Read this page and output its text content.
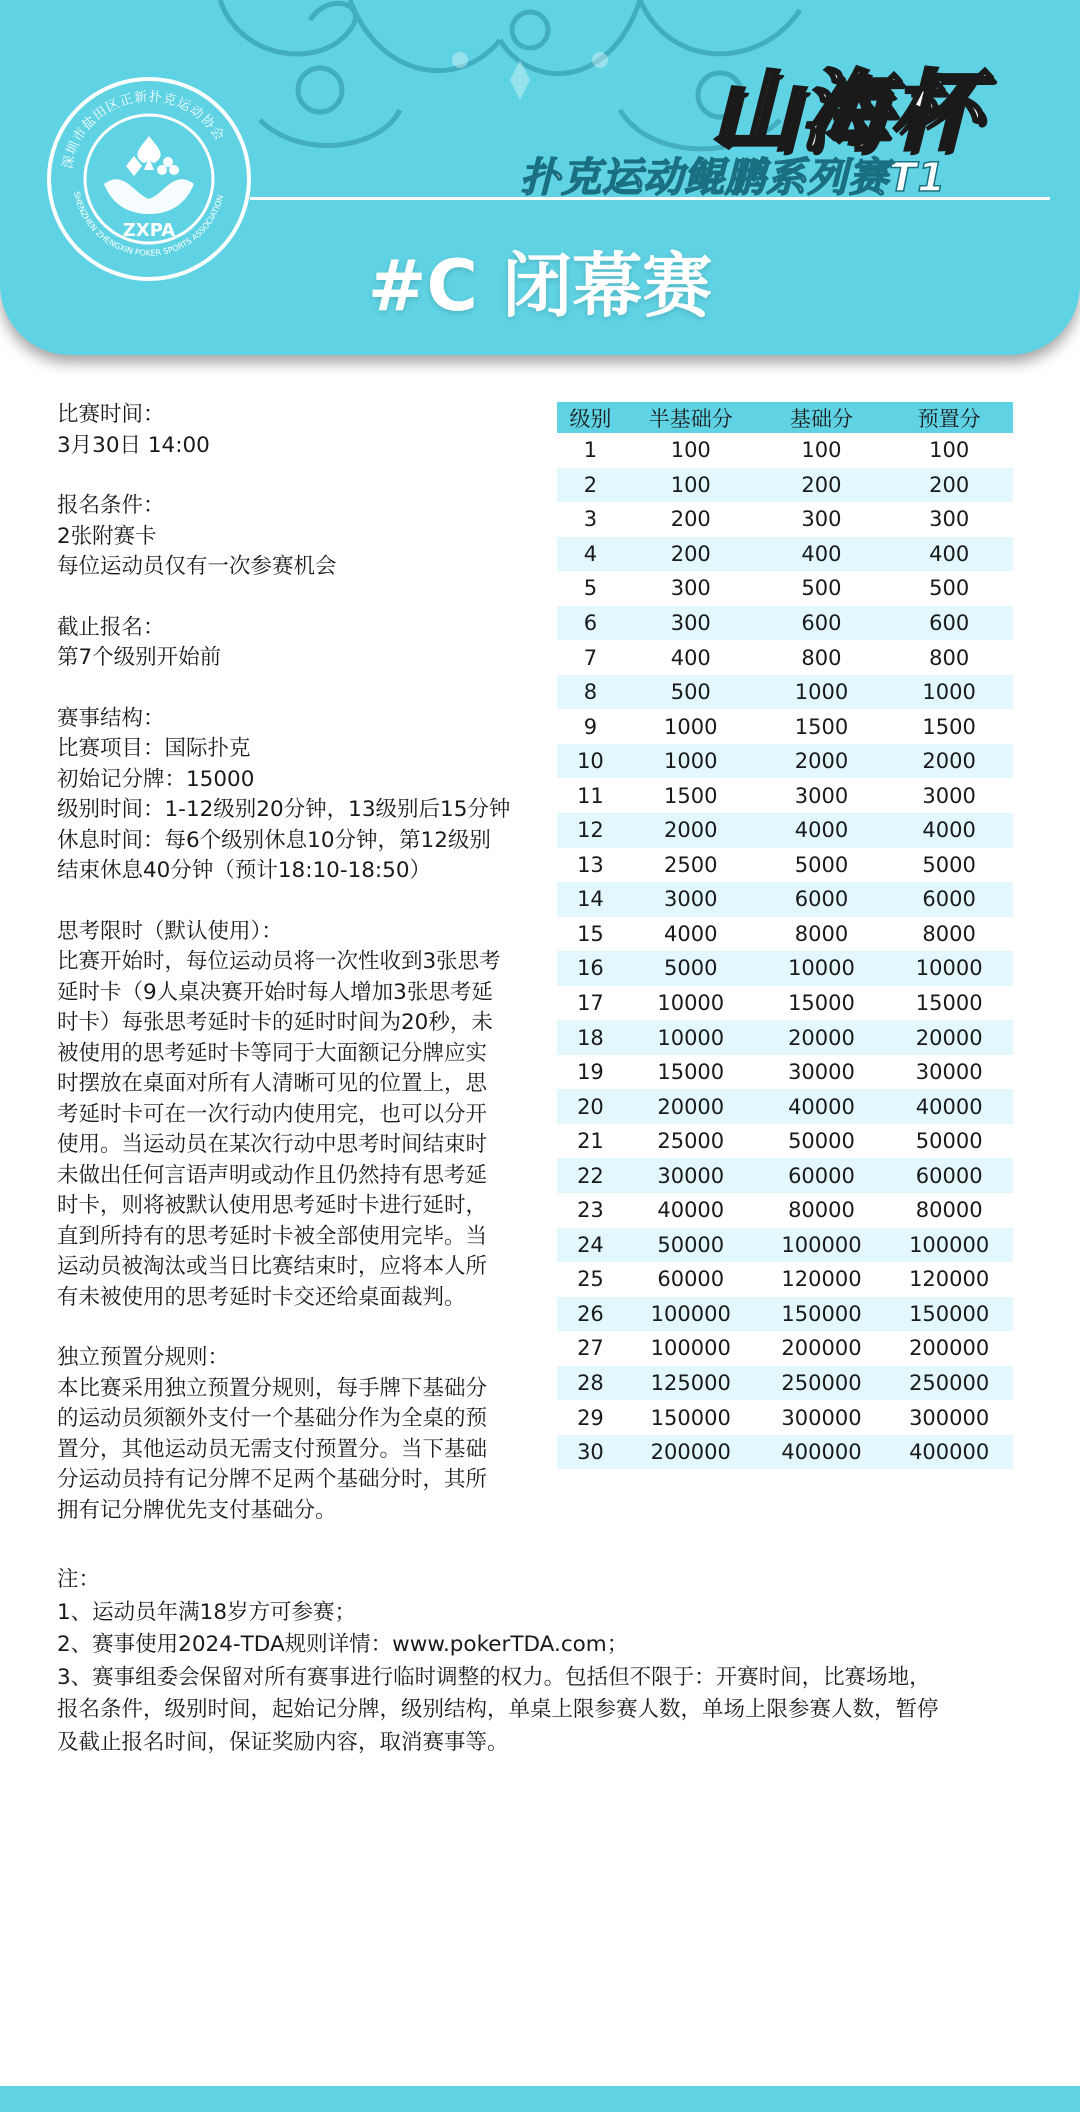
深圳市盐田区正新扑克运动协会
SHENZHEN ZHENGXIN POKER SPORTS ASSOCIATION
ZXPA
山海杯
扑克运动鲲鹏系列赛T1
#C 闭幕赛

比赛时间：
3月30日 14:00

报名条件：
2张附赛卡
每位运动员仅有一次参赛机会

截止报名：
第7个级别开始前

赛事结构：
比赛项目：国际扑克
初始记分牌：15000
级别时间：1-12级别20分钟，13级别后15分钟
休息时间：每6个级别休息10分钟，第12级别
结束休息40分钟（预计18:10-18:50）

思考限时（默认使用）：
比赛开始时，每位运动员将一次性收到3张思考
延时卡（9人桌决赛开始时每人增加3张思考延
时卡）每张思考延时卡的延时时间为20秒，未
被使用的思考延时卡等同于大面额记分牌应实
时摆放在桌面对所有人清晰可见的位置上，思
考延时卡可在一次行动内使用完，也可以分开
使用。当运动员在某次行动中思考时间结束时
未做出任何言语声明或动作且仍然持有思考延
时卡，则将被默认使用思考延时卡进行延时，
直到所持有的思考延时卡被全部使用完毕。当
运动员被淘汰或当日比赛结束时，应将本人所
有未被使用的思考延时卡交还给桌面裁判。

独立预置分规则：
本比赛采用独立预置分规则，每手牌下基础分
的运动员须额外支付一个基础分作为全桌的预
置分，其他运动员无需支付预置分。当下基础
分运动员持有记分牌不足两个基础分时，其所
拥有记分牌优先支付基础分。

级别	半基础分	基础分	预置分
1	100	100	100
2	100	200	200
3	200	300	300
4	200	400	400
5	300	500	500
6	300	600	600
7	400	800	800
8	500	1000	1000
9	1000	1500	1500
10	1000	2000	2000
11	1500	3000	3000
12	2000	4000	4000
13	2500	5000	5000
14	3000	6000	6000
15	4000	8000	8000
16	5000	10000	10000
17	10000	15000	15000
18	10000	20000	20000
19	15000	30000	30000
20	20000	40000	40000
21	25000	50000	50000
22	30000	60000	60000
23	40000	80000	80000
24	50000	100000	100000
25	60000	120000	120000
26	100000	150000	150000
27	100000	200000	200000
28	125000	250000	250000
29	150000	300000	300000
30	200000	400000	400000

注：

1、运动员年满18岁方可参赛；

2、赛事使用2024-TDA规则详情：www.pokerTDA.com；

3、赛事组委会保留对所有赛事进行临时调整的权力。包括但不限于：开赛时间，比赛场地，

报名条件，级别时间，起始记分牌，级别结构，单桌上限参赛人数，单场上限参赛人数，暂停

及截止报名时间，保证奖励内容，取消赛事等。
